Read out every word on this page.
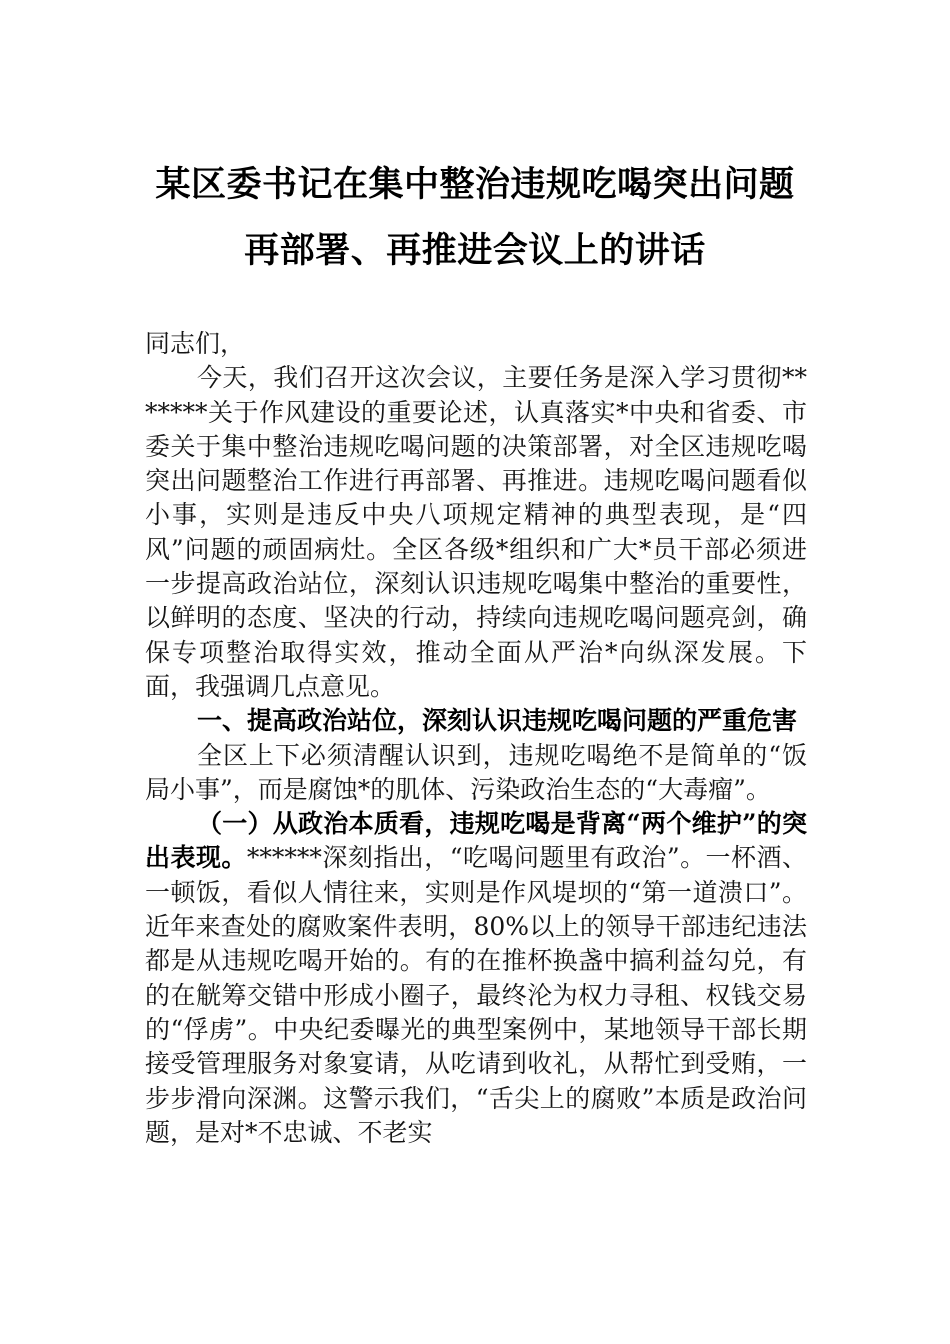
某区委书记在集中整治违规吃喝突出问题
再部署、再推进会议上的讲话

同志们，

今天，我们召开这次会议，主要任务是深入学习贯彻*******关于作风建设的重要论述，认真落实*中央和省委、市委关于集中整治违规吃喝问题的决策部署，对全区违规吃喝突出问题整治工作进行再部署、再推进。违规吃喝问题看似小事，实则是违反中央八项规定精神的典型表现，是“四风”问题的顽固病灶。全区各级*组织和广大*员干部必须进一步提高政治站位，深刻认识违规吃喝集中整治的重要性，以鲜明的态度、坚决的行动，持续向违规吃喝问题亮剑，确保专项整治取得实效，推动全面从严治*向纵深发展。下面，我强调几点意见。

一、提高政治站位，深刻认识违规吃喝问题的严重危害

全区上下必须清醒认识到，违规吃喝绝不是简单的“饭局小事”，而是腐蚀*的肌体、污染政治生态的“大毒瘤”。

（一）从政治本质看，违规吃喝是背离“两个维护”的突出表现。******深刻指出，“吃喝问题里有政治”。一杯酒、一顿饭，看似人情往来，实则是作风堤坝的“第一道溃口”。近年来查处的腐败案件表明，80%以上的领导干部违纪违法都是从违规吃喝开始的。有的在推杯换盏中搞利益勾兑，有的在觥筹交错中形成小圈子，最终沦为权力寻租、权钱交易的“俘虏”。中央纪委曝光的典型案例中，某地领导干部长期接受管理服务对象宴请，从吃请到收礼，从帮忙到受贿，一步步滑向深渊。这警示我们，“舌尖上的腐败”本质是政治问题，是对*不忠诚、不老实
